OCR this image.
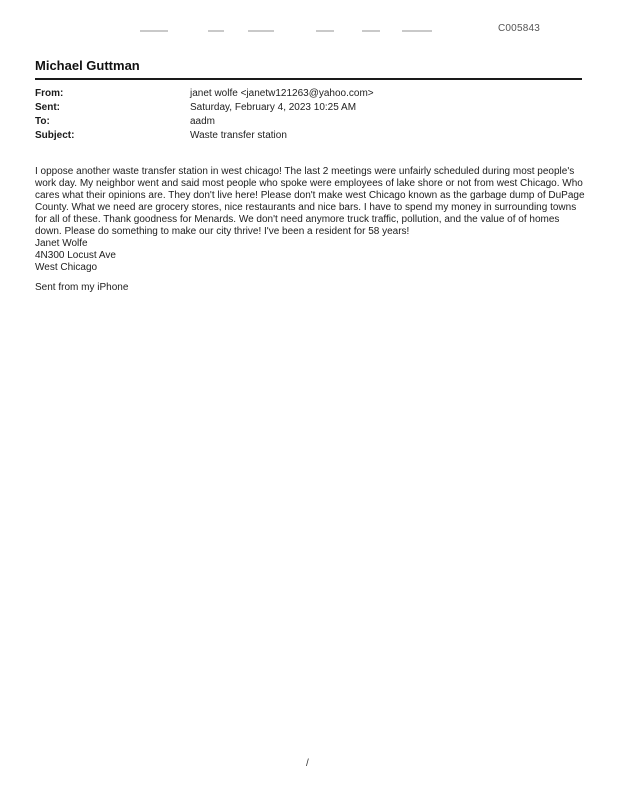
C005843
Michael Guttman
From:	janet wolfe <janetw121263@yahoo.com>
Sent:	Saturday, February 4, 2023 10:25 AM
To:	aadm
Subject:	Waste transfer station

I oppose another waste transfer station in west chicago! The last 2 meetings were unfairly scheduled during most people's work day. My neighbor went and said most people who spoke were employees of lake shore or not from west Chicago. Who cares what their opinions are. They don't live here! Please don't make west Chicago known as the garbage dump of DuPage County. What we need are grocery stores, nice restaurants and nice bars. I have to spend my money in surrounding towns for all of these. Thank goodness for Menards. We don't need anymore truck traffic, pollution, and the value of of homes down. Please do something to make our city thrive! I've been a resident for 58 years!

Janet Wolfe

4N300 Locust Ave

West Chicago

Sent from my iPhone
/
